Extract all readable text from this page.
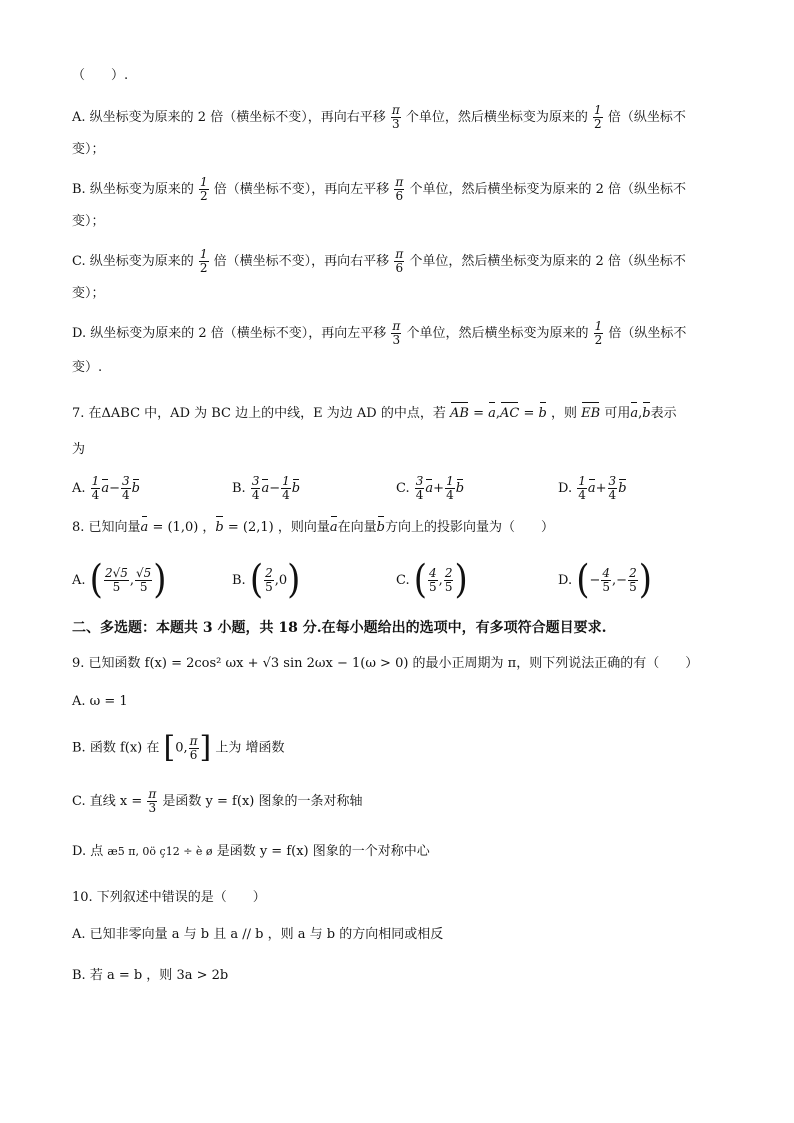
（　　）.
A. 纵坐标变为原来的 2 倍（横坐标不变），再向右平移 $\frac{\pi}{3}$ 个单位，然后横坐标变为原来的 $\frac{1}{2}$ 倍（纵坐标不
变）；
B. 纵坐标变为原来的 $\frac{1}{2}$ 倍（横坐标不变），再向左平移 $\frac{\pi}{6}$ 个单位，然后横坐标变为原来的 2 倍（纵坐标不
变）；
C. 纵坐标变为原来的 $\frac{1}{2}$ 倍（横坐标不变），再向右平移 $\frac{\pi}{6}$ 个单位，然后横坐标变为原来的 2 倍（纵坐标不
变）；
D. 纵坐标变为原来的 2 倍（横坐标不变），再向左平移 $\frac{\pi}{3}$ 个单位，然后横坐标变为原来的 $\frac{1}{2}$ 倍（纵坐标不
变）.
7. 在ΔABC 中，AD 为 BC 边上的中线，E 为边 AD 的中点，若 AB = a,AC = b ，则 EB 可用a,b表示
为
A.
$\frac{1}{4}$ $a - \frac{3}{4}$ b	B.
$\frac{3}{4}$ $a - \frac{1}{4}$ b	C.
$\frac{3}{4}$ $a + \frac{1}{4}$ b	D.
$\frac{1}{4}$ $a + \frac{3}{4}$ b
8. 已知向量a = (1,0) ，b = (2,1) ，则向量a在向量b方向上的投影向量为（　　）
A.
( $\frac{2√5}{5}$ , $\frac{√5}{5}$ )	B.
( $\frac{2}{5} ,0$ )	C.
( $\frac{4}{5}$ , $\frac{2}{5}$ )	D.
( − $\frac{4}{5}$ ,− $\frac{2}{5}$ )
二、多选题：本题共 3 小题，共 18 分.在每小题给出的选项中，有多项符合题目要求.
9. 已知函数 f(x) = 2cos² ωx + √3 sin 2ωx − 1(ω > 0) 的最小正周期为 π，则下列说法正确的有（　　）
A. ω = 1
B. 函数 f(x) 在 [0, $\frac{\pi}{6}$ ] 上为 增函数
C. 直线 $x = \frac{\pi}{3}$ 是函数 y = f(x) 图象的一条对称轴
D. 点 æ5 π, 0ö ç12 ÷ è ø 是函数 y = f(x) 图象的一个对称中心
10. 下列叙述中错误的是（　　）
A. 已知非零向量 a 与 b 且 a // b ，则 a 与 b 的方向相同或相反
B. 若 a = b ，则 3a > 2b
